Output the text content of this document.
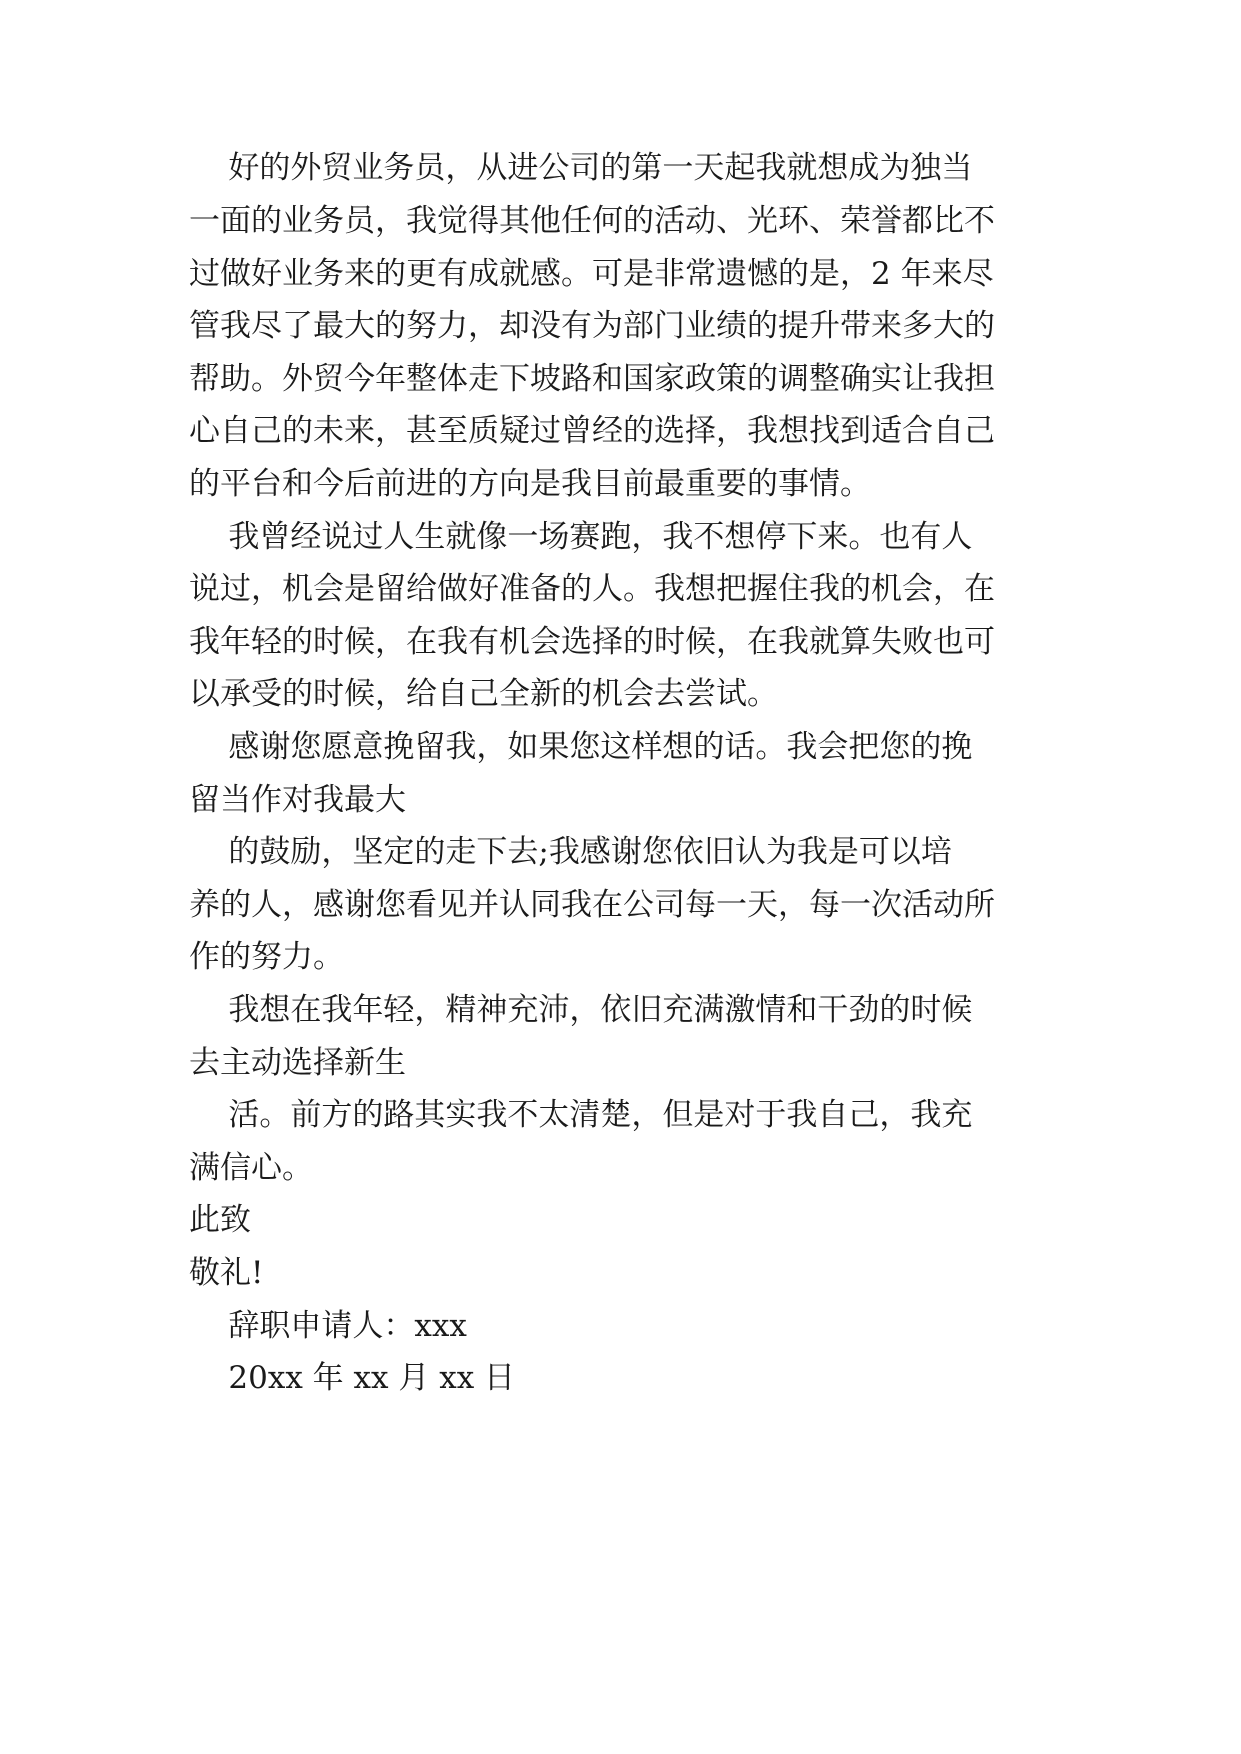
好的外贸业务员，从进公司的第一天起我就想成为独当
一面的业务员，我觉得其他任何的活动、光环、荣誉都比不
过做好业务来的更有成就感。可是非常遗憾的是，2 年来尽
管我尽了最大的努力，却没有为部门业绩的提升带来多大的
帮助。外贸今年整体走下坡路和国家政策的调整确实让我担
心自己的未来，甚至质疑过曾经的选择，我想找到适合自己
的平台和今后前进的方向是我目前最重要的事情。
我曾经说过人生就像一场赛跑，我不想停下来。也有人
说过，机会是留给做好准备的人。我想把握住我的机会，在
我年轻的时候，在我有机会选择的时候，在我就算失败也可
以承受的时候，给自己全新的机会去尝试。
感谢您愿意挽留我，如果您这样想的话。我会把您的挽
留当作对我最大
的鼓励，坚定的走下去;我感谢您依旧认为我是可以培
养的人，感谢您看见并认同我在公司每一天，每一次活动所
作的努力。
我想在我年轻，精神充沛，依旧充满激情和干劲的时候
去主动选择新生
活。前方的路其实我不太清楚，但是对于我自己，我充
满信心。
此致
敬礼!
辞职申请人：xxx
20xx 年 xx 月 xx 日
